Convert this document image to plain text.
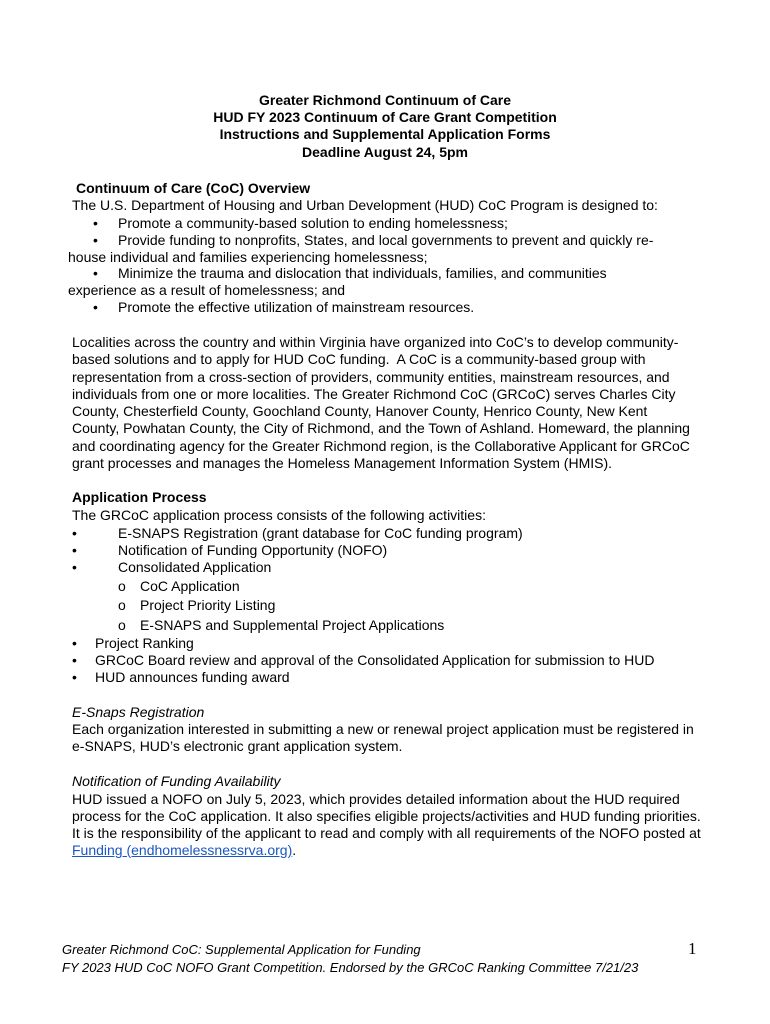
Greater Richmond Continuum of Care
HUD FY 2023 Continuum of Care Grant Competition
Instructions and Supplemental Application Forms
Deadline August 24, 5pm
Continuum of Care (CoC) Overview
The U.S. Department of Housing and Urban Development (HUD) CoC Program is designed to:
• Promote a community-based solution to ending homelessness;
• Provide funding to nonprofits, States, and local governments to prevent and quickly re-
house individual and families experiencing homelessness;
• Minimize the trauma and dislocation that individuals, families, and communities
experience as a result of homelessness; and
• Promote the effective utilization of mainstream resources.
Localities across the country and within Virginia have organized into CoC’s to develop community-
based solutions and to apply for HUD CoC funding.  A CoC is a community-based group with
representation from a cross-section of providers, community entities, mainstream resources, and
individuals from one or more localities. The Greater Richmond CoC (GRCoC) serves Charles City
County, Chesterfield County, Goochland County, Hanover County, Henrico County, New Kent
County, Powhatan County, the City of Richmond, and the Town of Ashland. Homeward, the planning
and coordinating agency for the Greater Richmond region, is the Collaborative Applicant for GRCoC
grant processes and manages the Homeless Management Information System (HMIS).
Application Process
The GRCoC application process consists of the following activities:
•	E-SNAPS Registration (grant database for CoC funding program)
•	Notification of Funding Opportunity (NOFO)
•	Consolidated Application
o CoC Application
o Project Priority Listing
o E-SNAPS and Supplemental Project Applications
• Project Ranking
• GRCoC Board review and approval of the Consolidated Application for submission to HUD
• HUD announces funding award
E-Snaps Registration
Each organization interested in submitting a new or renewal project application must be registered in
e-SNAPS, HUD’s electronic grant application system.
Notification of Funding Availability
HUD issued a NOFO on July 5, 2023, which provides detailed information about the HUD required
process for the CoC application. It also specifies eligible projects/activities and HUD funding priorities.
It is the responsibility of the applicant to read and comply with all requirements of the NOFO posted at
Funding (endhomelessnessrva.org).
Greater Richmond CoC: Supplemental Application for Funding	1
FY 2023 HUD CoC NOFO Grant Competition. Endorsed by the GRCoC Ranking Committee 7/21/23
